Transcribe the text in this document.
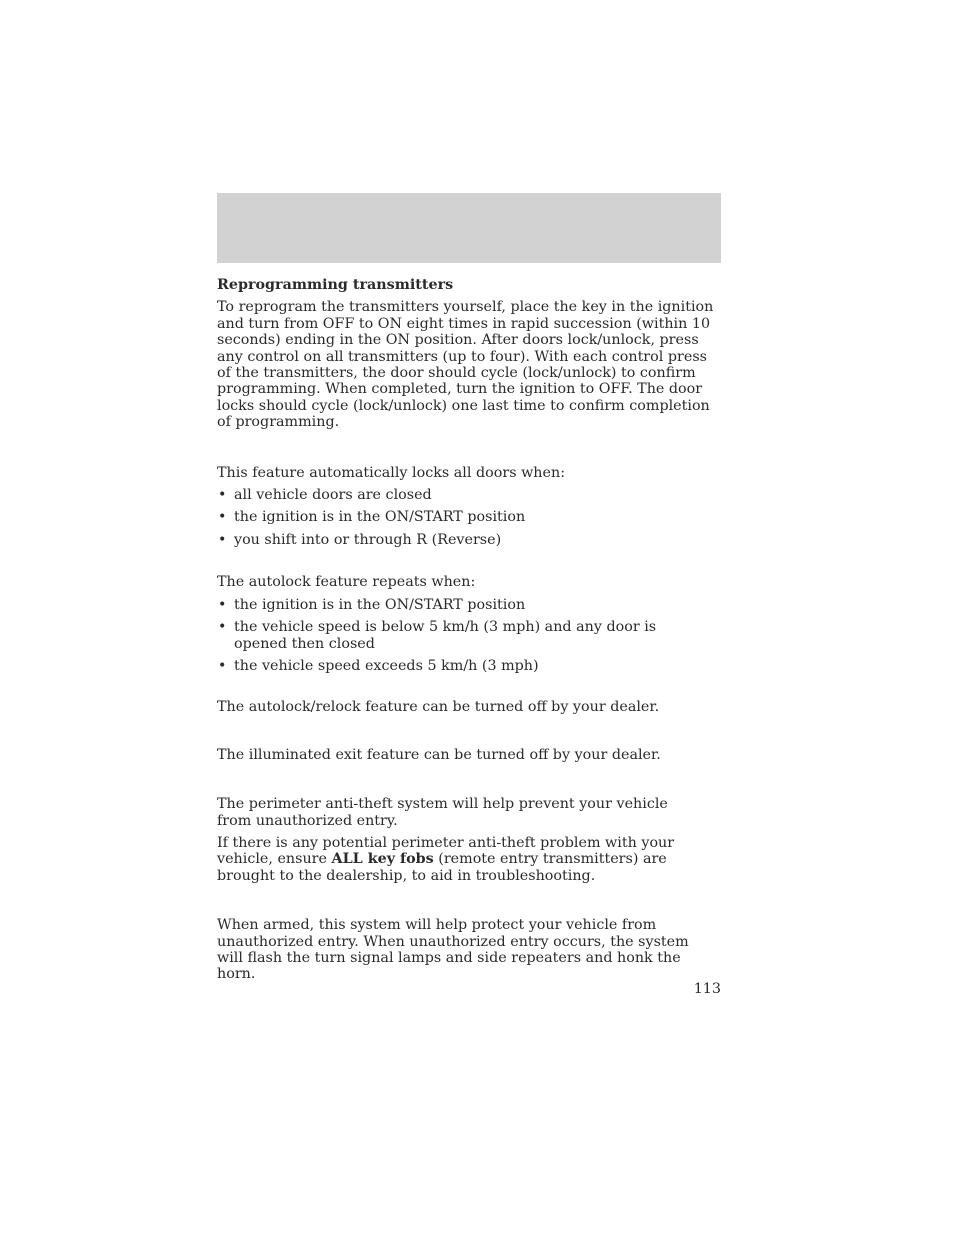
Reprogramming transmitters

To reprogram the transmitters yourself, place the key in the ignition and turn from OFF to ON eight times in rapid succession (within 10 seconds) ending in the ON position. After doors lock/unlock, press any control on all transmitters (up to four). With each control press of the transmitters, the door should cycle (lock/unlock) to confirm programming. When completed, turn the ignition to OFF. The door locks should cycle (lock/unlock) one last time to confirm completion of programming.

This feature automatically locks all doors when:

• all vehicle doors are closed
• the ignition is in the ON/START position
• you shift into or through R (Reverse)

The autolock feature repeats when:

• the ignition is in the ON/START position
• the vehicle speed is below 5 km/h (3 mph) and any door is opened then closed
• the vehicle speed exceeds 5 km/h (3 mph)

The autolock/relock feature can be turned off by your dealer.

The illuminated exit feature can be turned off by your dealer.

The perimeter anti-theft system will help prevent your vehicle from unauthorized entry.

If there is any potential perimeter anti-theft problem with your vehicle, ensure ALL key fobs (remote entry transmitters) are brought to the dealership, to aid in troubleshooting.

When armed, this system will help protect your vehicle from unauthorized entry. When unauthorized entry occurs, the system will flash the turn signal lamps and side repeaters and honk the horn.

113
